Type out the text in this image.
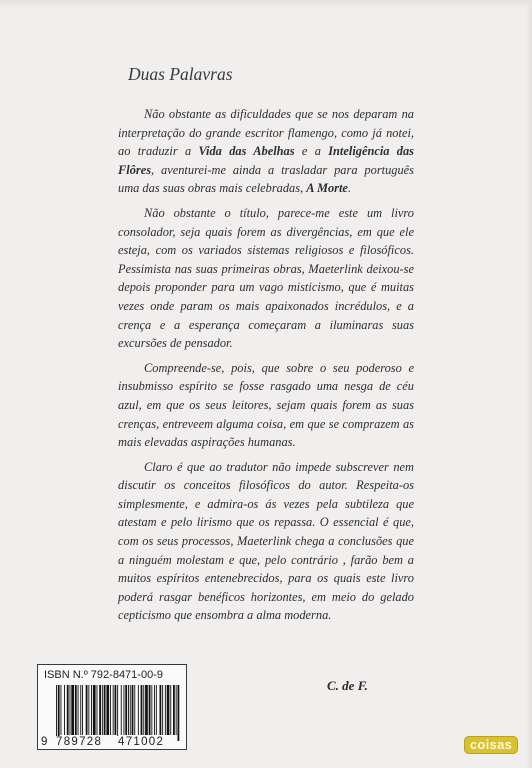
Duas Palavras

Não obstante as dificuldades que se nos deparam na interpretação do grande escritor flamengo, como já notei, ao traduzir a Vida das Abelhas e a Inteligência das Flôres, aventurei-me ainda a trasladar para português uma das suas obras mais celebradas, A Morte.

Não obstante o título, parece-me este um livro consolador, seja quais forem as divergências, em que ele esteja, com os variados sistemas religiosos e filosóficos. Pessimista nas suas primeiras obras, Maeterlink deixou-se depois proponder para um vago misticismo, que é muitas vezes onde param os mais apaixonados incrédulos, e a crença e a esperança começaram a iluminaras suas excursões de pensador.

Compreende-se, pois, que sobre o seu poderoso e insubmisso espírito se fosse rasgado uma nesga de céu azul, em que os seus leitores, sejam quais forem as suas crenças, entreveem alguma coisa, em que se comprazem as mais elevadas aspirações humanas.

Claro é que ao tradutor não impede subscrever nem discutir os conceitos filosóficos do autor. Respeita-os simplesmente, e admira-os ás vezes pela subtileza que atestam e pelo lirismo que os repassa. O essencial é que, com os seus processos, Maeterlink chega a conclusões que a ninguém molestam e que, pelo contrário , farão bem a muitos espíritos entenebrecidos, para os quais este livro poderá rasgar benéficos horizontes, em meio do gelado cepticismo que ensombra a alma moderna.

C. de F.
ISBN N.º 792-8471-00-9
9 789728 471002	coisas
